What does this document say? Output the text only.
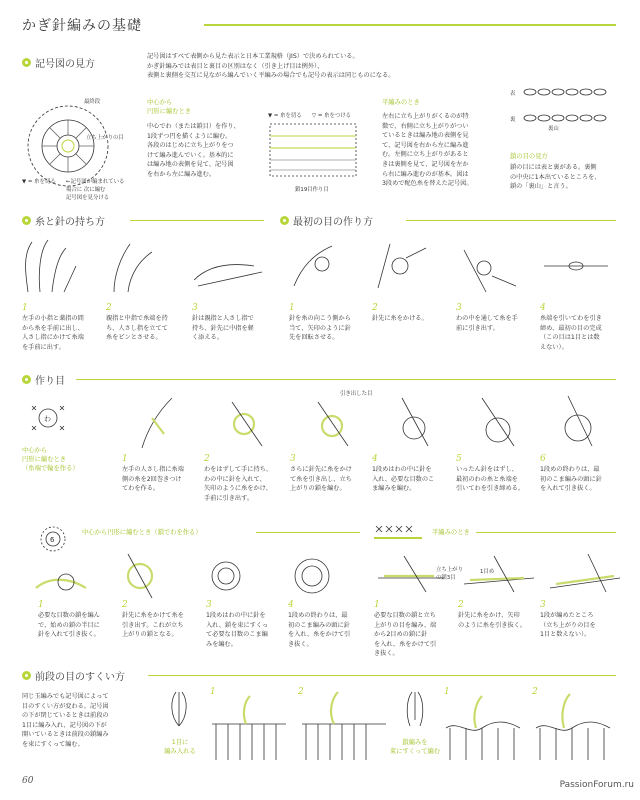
かぎ針編みの基礎
記号図の見方
記号図はすべて表側から見た表示と日本工業規格（JIS）で決められている。
かぎ針編みでは表目と裏目の区別はなく（引き上げ目は例外）、
表側と裏側を交互に見ながら編んでいく平編みの場合でも記号の表示は同じものになる。
最終段
立ち上がりの目
▼ = 糸を切る ←記号図が編まれている
場合に 次に編む
記号図を見分ける
中心から
円形に編むとき
中心でわ（または鎖目）を作り、
1段ずつ円を描くように編む。
各段のはじめに立ち上がりをつ
けて編み進んでいく。基本的に
は編み地の表側を見て、記号図
を右から左に編み進む。
▼ = 糸を切る ▽ = 糸をつける
鎖19目作り目
平編みのとき
左右に立ち上がりがくるのが特
徴で、右側に立ち上がりがつい
ているときは編み地の表側を見
て、記号図を右から左に編み進
む。左側に立ち上がりがあると
きは裏側を見て、記号図を左か
ら右に編み進むのが基本。図は
3段めで配色糸を替えた記号図。
表
裏
裏山
鎖の目の見方
鎖の目には表と裏がある。裏側
の中央に1本出ているところを、
鎖の「裏山」と言う。
糸と針の持ち方
1
左手の小指と薬指の間
から糸を手前に出し、
人さし指にかけて糸端
を手前に出す。
2
親指と中指で糸端を持
ち、人さし指を立てて
糸をピンとさせる。
3
針は親指と人さし指で
持ち、針先に中指を軽
く添える。
最初の目の作り方
1
針を糸の向こう側から
当て、矢印のように針
先を回転させる。
2
針先に糸をかける。
3
わの中を通して糸を手
前に引き出す。
4
糸端を引いてわを引き
締め、最初の目の完成
（この目は1目とは数
えない）。
作り目
わ
中心から
円形に編むとき
（糸端で輪を作る）
引き出した目
1
左手の人さし指に糸端
側の糸を2回巻きつけ
てわを作る。
2
わをはずして手に持ち、
わの中に針を入れて、
矢印のように糸をかけ、
手前に引き出す。
3
さらに針先に糸をかけ
て糸を引き出し、立ち
上がりの鎖を編む。
4
1段めはわの中に針を
入れ、必要な目数のこ
ま編みを編む。
5
いったん針をはずし、
最初のわの糸と糸端を
引いてわを引き締める。
6
1段めの終わりは、最
初のこま編みの頭に針
を入れて引き抜く。
6
中心から円形に編むとき（鎖でわを作る）
1
必要な目数の鎖を編ん
で、始めの鎖の半目に
針を入れて引き抜く。
2
針先に糸をかけて糸を
引き出す。これが立ち
上がりの鎖となる。
3
1段めはわの中に針を
入れ、鎖を束にすくっ
て必要な目数のこま編
みを編む。
4
1段めの終わりは、最
初のこま編みの頭に針
を入れ、糸をかけて引
き抜く。
平編みのとき
立ち上がり
の鎖3目
1目め
1
必要な目数の鎖と立ち
上がりの目を編み、端
から2目めの鎖に針
を入れ、糸をかけて引
き抜く。
2
針先に糸をかけ、矢印
のように糸を引き抜く。
3
1段が編めたところ
（立ち上がりの目を
1目と数えない）。
前段の目のすくい方
同じ玉編みでも記号図によって
目のすくい方が変わる。記号図
の下が閉じているときは前段の
1目に編み入れ、記号図の下が
開いているときは前段の鎖編み
を束にすくって編む。	1目に
編み入れる
1	2
鎖編みを
束にすくって編む
1	2
60	PassionForum.ru
